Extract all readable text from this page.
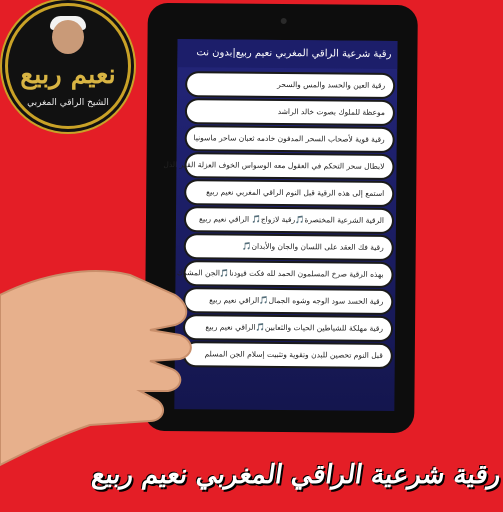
نعيم ربيع
الشيخ الراقي المغربي
رقية شرعية الراقي المغربي نعيم ربيع|بدون نت
رقية العين والحسد والمس والسحر
موعظة للملوك بصوت خالد الراشد
رقية قوية لأصحاب السحر المدفون خادمه ثعبان ساحر ماسونيا
لابطال سحر التحكم في العقول معه الوسواس الخوف العزلة القهر الذل
استمع إلى هذه الرقية قبل النوم الراقي المغربي نعيم ربيع
الرقية الشرعية المختصرة🎵رقية لازواج🎵 الراقي نعيم ربيع
رقية فك العقد على اللسان والجان والأبدان🎵
بهذه الرقية صرخ المسلمون الحمد لله فكت قيودنا🎵الجن المشرك
رقية الحسد سود الوجه وشوه الجمال🎵الراقي نعيم ربيع
رقية مهلكة للشياطين الحيات والثعابين🎵الراقي نعيم ربيع
قبل النوم تحصين للبدن وتقوية وتثبيت إسلام الجن المسلم
رقية شرعية الراقي المغربي نعيم ربيع
